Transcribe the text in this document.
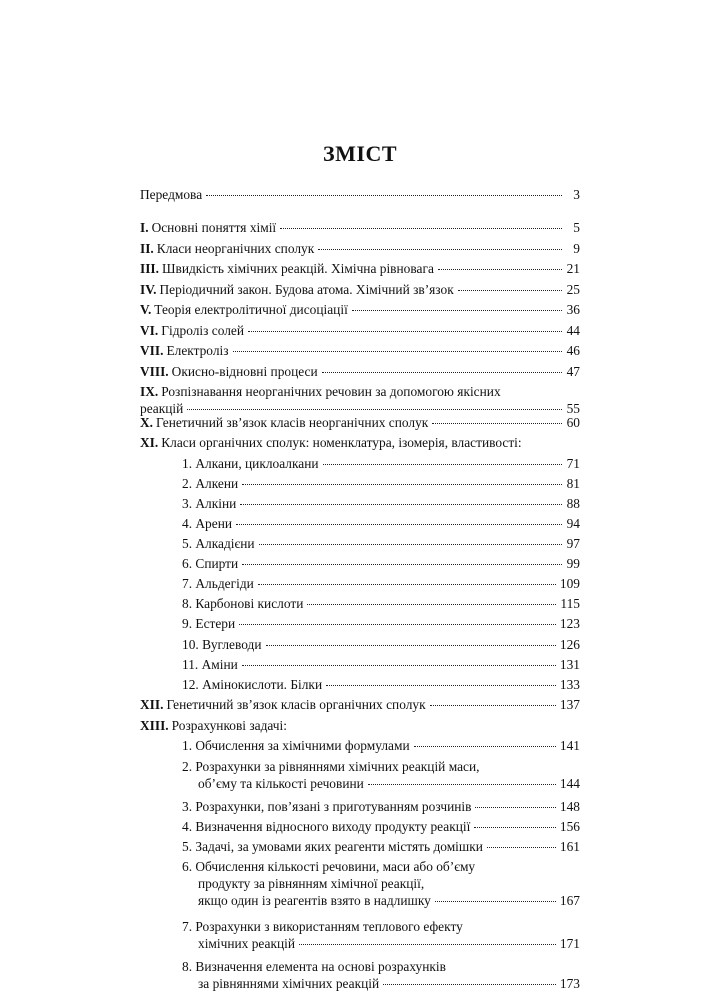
ЗМІСТ
Передмова	3
I. Основні поняття хімії	5
II. Класи неорганічних сполук	9
III. Швидкість хімічних реакцій. Хімічна рівновага	21
IV. Періодичний закон. Будова атома. Хімічний зв’язок	25
V. Теорія електролітичної дисоціації	36
VI. Гідроліз солей	44
VII. Електроліз	46
VIII. Окисно-відновні процеси	47
IX. Розпізнавання неорганічних речовин за допомогою якісних
реакцій	55
X. Генетичний зв’язок класів неорганічних сполук	60
XI. Класи органічних сполук: номенклатура, ізомерія, властивості:
1. Алкани, циклоалкани	71
2. Алкени	81
3. Алкіни	88
4. Арени	94
5. Алкадієни	97
6. Спирти	99
7. Альдегіди	109
8. Карбонові кислоти	115
9. Естери	123
10. Вуглеводи	126
11. Аміни	131
12. Амінокислоти. Білки	133
XII. Генетичний зв’язок класів органічних сполук	137
XIII. Розрахункові задачі:
1. Обчислення за хімічними формулами	141
2. Розрахунки за рівняннями хімічних реакцій маси,
об’єму та кількості речовини	144
3. Розрахунки, пов’язані з приготуванням розчинів	148
4. Визначення відносного виходу продукту реакції	156
5. Задачі, за умовами яких реагенти містять домішки	161
6. Обчислення кількості речовини, маси або об’єму
продукту за рівнянням хімічної реакції,
якщо один із реагентів взято в надлишку	167
7. Розрахунки з використанням теплового ефекту
хімічних реакцій	171
8. Визначення елемента на основі розрахунків
за рівняннями хімічних реакцій	173
